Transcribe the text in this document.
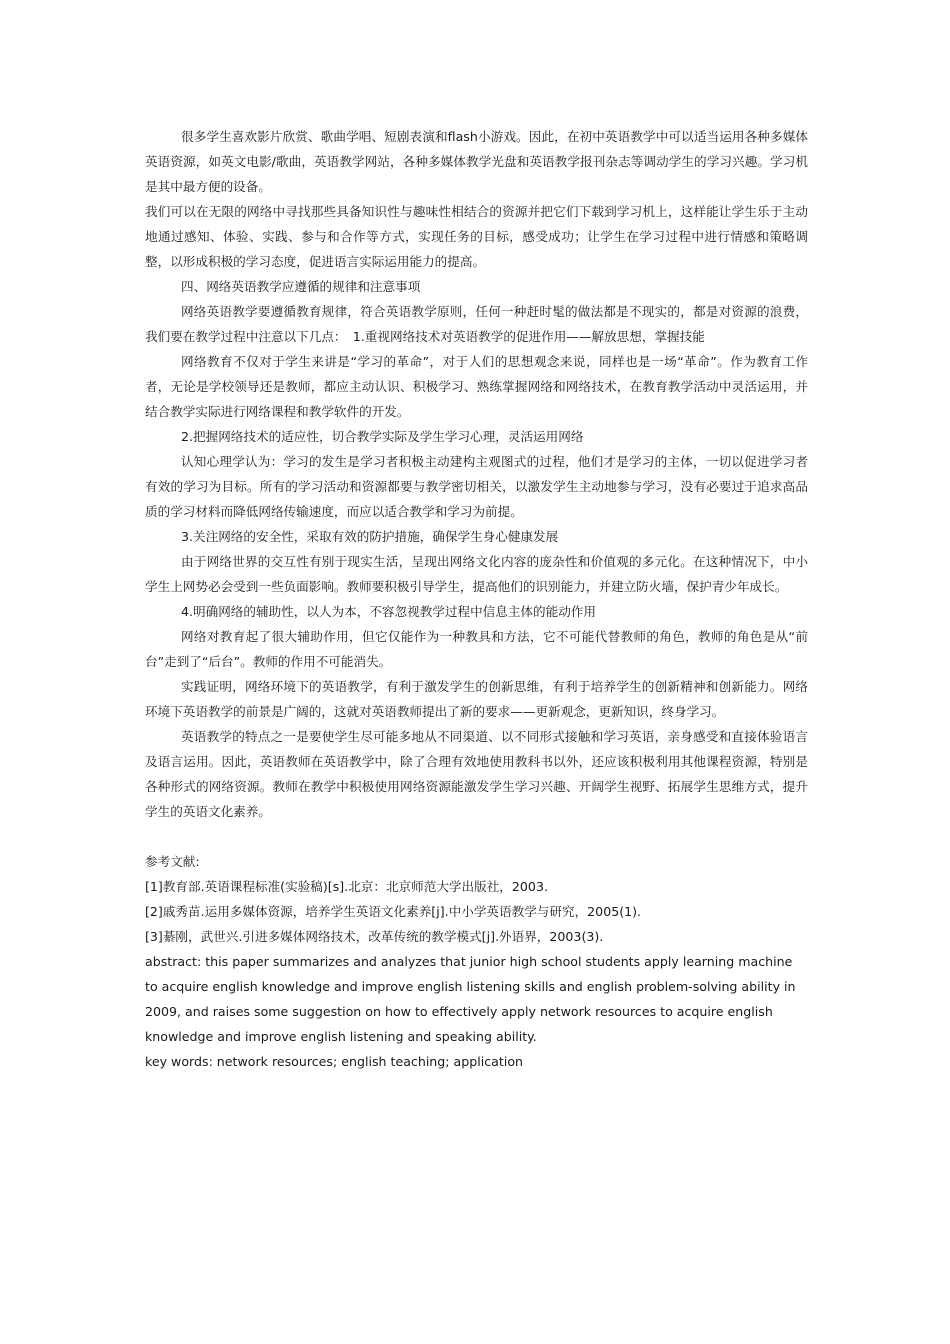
很多学生喜欢影片欣赏、歌曲学唱、短剧表演和flash小游戏。因此，在初中英语教学中可以适当运用各种多媒体英语资源，如英文电影/歌曲，英语教学网站，各种多媒体教学光盘和英语教学报刊杂志等调动学生的学习兴趣。学习机是其中最方便的设备。

我们可以在无限的网络中寻找那些具备知识性与趣味性相结合的资源并把它们下载到学习机上，这样能让学生乐于主动地通过感知、体验、实践、参与和合作等方式，实现任务的目标，感受成功；让学生在学习过程中进行情感和策略调整，以形成积极的学习态度，促进语言实际运用能力的提高。

四、网络英语教学应遵循的规律和注意事项

网络英语教学要遵循教育规律，符合英语教学原则，任何一种赶时髦的做法都是不现实的，都是对资源的浪费，我们要在教学过程中注意以下几点：　1.重视网络技术对英语教学的促进作用——解放思想，掌握技能

网络教育不仅对于学生来讲是“学习的革命”，对于人们的思想观念来说，同样也是一场“革命”。作为教育工作者，无论是学校领导还是教师，都应主动认识、积极学习、熟练掌握网络和网络技术，在教育教学活动中灵活运用，并结合教学实际进行网络课程和教学软件的开发。

2.把握网络技术的适应性，切合教学实际及学生学习心理，灵活运用网络

认知心理学认为：学习的发生是学习者积极主动建构主观图式的过程，他们才是学习的主体，一切以促进学习者有效的学习为目标。所有的学习活动和资源都要与教学密切相关，以激发学生主动地参与学习，没有必要过于追求高品质的学习材料而降低网络传输速度，而应以适合教学和学习为前提。

3.关注网络的安全性，采取有效的防护措施，确保学生身心健康发展

由于网络世界的交互性有别于现实生活，呈现出网络文化内容的庞杂性和价值观的多元化。在这种情况下，中小学生上网势必会受到一些负面影响。教师要积极引导学生，提高他们的识别能力，并建立防火墙，保护青少年成长。

4.明确网络的辅助性，以人为本，不容忽视教学过程中信息主体的能动作用

网络对教育起了很大辅助作用，但它仅能作为一种教具和方法，它不可能代替教师的角色，教师的角色是从“前台”走到了“后台”。教师的作用不可能消失。

实践证明，网络环境下的英语教学，有利于激发学生的创新思维，有利于培养学生的创新精神和创新能力。网络环境下英语教学的前景是广阔的，这就对英语教师提出了新的要求——更新观念，更新知识，终身学习。

英语教学的特点之一是要使学生尽可能多地从不同渠道、以不同形式接触和学习英语，亲身感受和直接体验语言及语言运用。因此，英语教师在英语教学中，除了合理有效地使用教科书以外，还应该积极利用其他课程资源，特别是各种形式的网络资源。教师在教学中积极使用网络资源能激发学生学习兴趣、开阔学生视野、拓展学生思维方式，提升学生的英语文化素养。

参考文献:

[1]教育部.英语课程标准(实验稿)[s].北京：北京师范大学出版社，2003.

[2]戚秀苗.运用多媒体资源，培养学生英语文化素养[j].中小学英语教学与研究，2005(1).

[3]綦刚，武世兴.引进多媒体网络技术，改革传统的教学模式[j].外语界，2003(3).

abstract: this paper summarizes and analyzes that junior high school students apply learning machine to acquire english knowledge and improve english listening skills and english problem-solving ability in 2009, and raises some suggestion on how to effectively apply network resources to acquire english knowledge and improve english listening and speaking ability.

key words: network resources; english teaching; application
